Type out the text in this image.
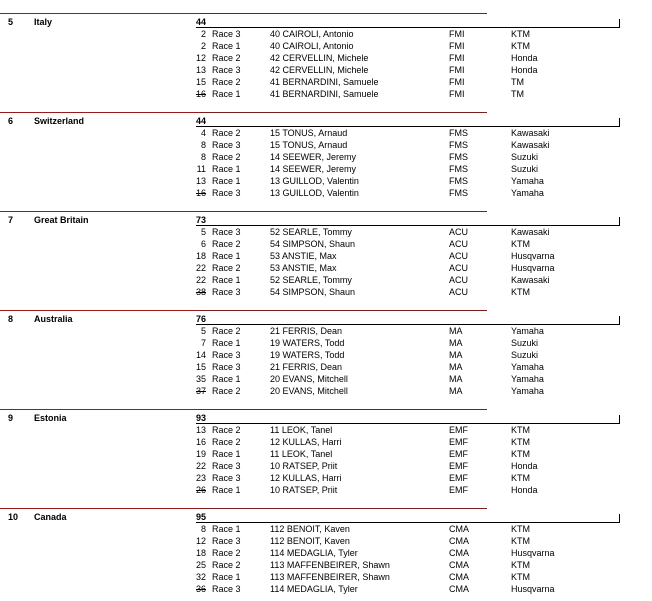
5 Italy	44
2 Race 3	40 CAIROLI, Antonio	FMI	KTM
2 Race 1	40 CAIROLI, Antonio	FMI	KTM
12 Race 2	42 CERVELLIN, Michele	FMI	Honda
13 Race 3	42 CERVELLIN, Michele	FMI	Honda
15 Race 2	41 BERNARDINI, Samuele	FMI	TM
16 Race 1	41 BERNARDINI, Samuele	FMI	TM
6 Switzerland	44
4 Race 2	15 TONUS, Arnaud	FMS	Kawasaki
8 Race 3	15 TONUS, Arnaud	FMS	Kawasaki
8 Race 2	14 SEEWER, Jeremy	FMS	Suzuki
11 Race 1	14 SEEWER, Jeremy	FMS	Suzuki
13 Race 1	13 GUILLOD, Valentin	FMS	Yamaha
16 Race 3	13 GUILLOD, Valentin	FMS	Yamaha
7 Great Britain	73
5 Race 3	52 SEARLE, Tommy	ACU	Kawasaki
6 Race 2	54 SIMPSON, Shaun	ACU	KTM
18 Race 1	53 ANSTIE, Max	ACU	Husqvarna
22 Race 2	53 ANSTIE, Max	ACU	Husqvarna
22 Race 1	52 SEARLE, Tommy	ACU	Kawasaki
38 Race 3	54 SIMPSON, Shaun	ACU	KTM
8 Australia	76
5 Race 2	21 FERRIS, Dean	MA	Yamaha
7 Race 1	19 WATERS, Todd	MA	Suzuki
14 Race 3	19 WATERS, Todd	MA	Suzuki
15 Race 3	21 FERRIS, Dean	MA	Yamaha
35 Race 1	20 EVANS, Mitchell	MA	Yamaha
37 Race 2	20 EVANS, Mitchell	MA	Yamaha
9 Estonia	93
13 Race 2	11 LEOK, Tanel	EMF	KTM
16 Race 2	12 KULLAS, Harri	EMF	KTM
19 Race 1	11 LEOK, Tanel	EMF	KTM
22 Race 3	10 RATSEP, Priit	EMF	Honda
23 Race 3	12 KULLAS, Harri	EMF	KTM
26 Race 1	10 RATSEP, Priit	EMF	Honda
10 Canada	95
8 Race 1	112 BENOIT, Kaven	CMA	KTM
12 Race 3	112 BENOIT, Kaven	CMA	KTM
18 Race 2	114 MEDAGLIA, Tyler	CMA	Husqvarna
25 Race 2	113 MAFFENBEIRER, Shawn	CMA	KTM
32 Race 1	113 MAFFENBEIRER, Shawn	CMA	KTM
36 Race 3	114 MEDAGLIA, Tyler	CMA	Husqvarna
